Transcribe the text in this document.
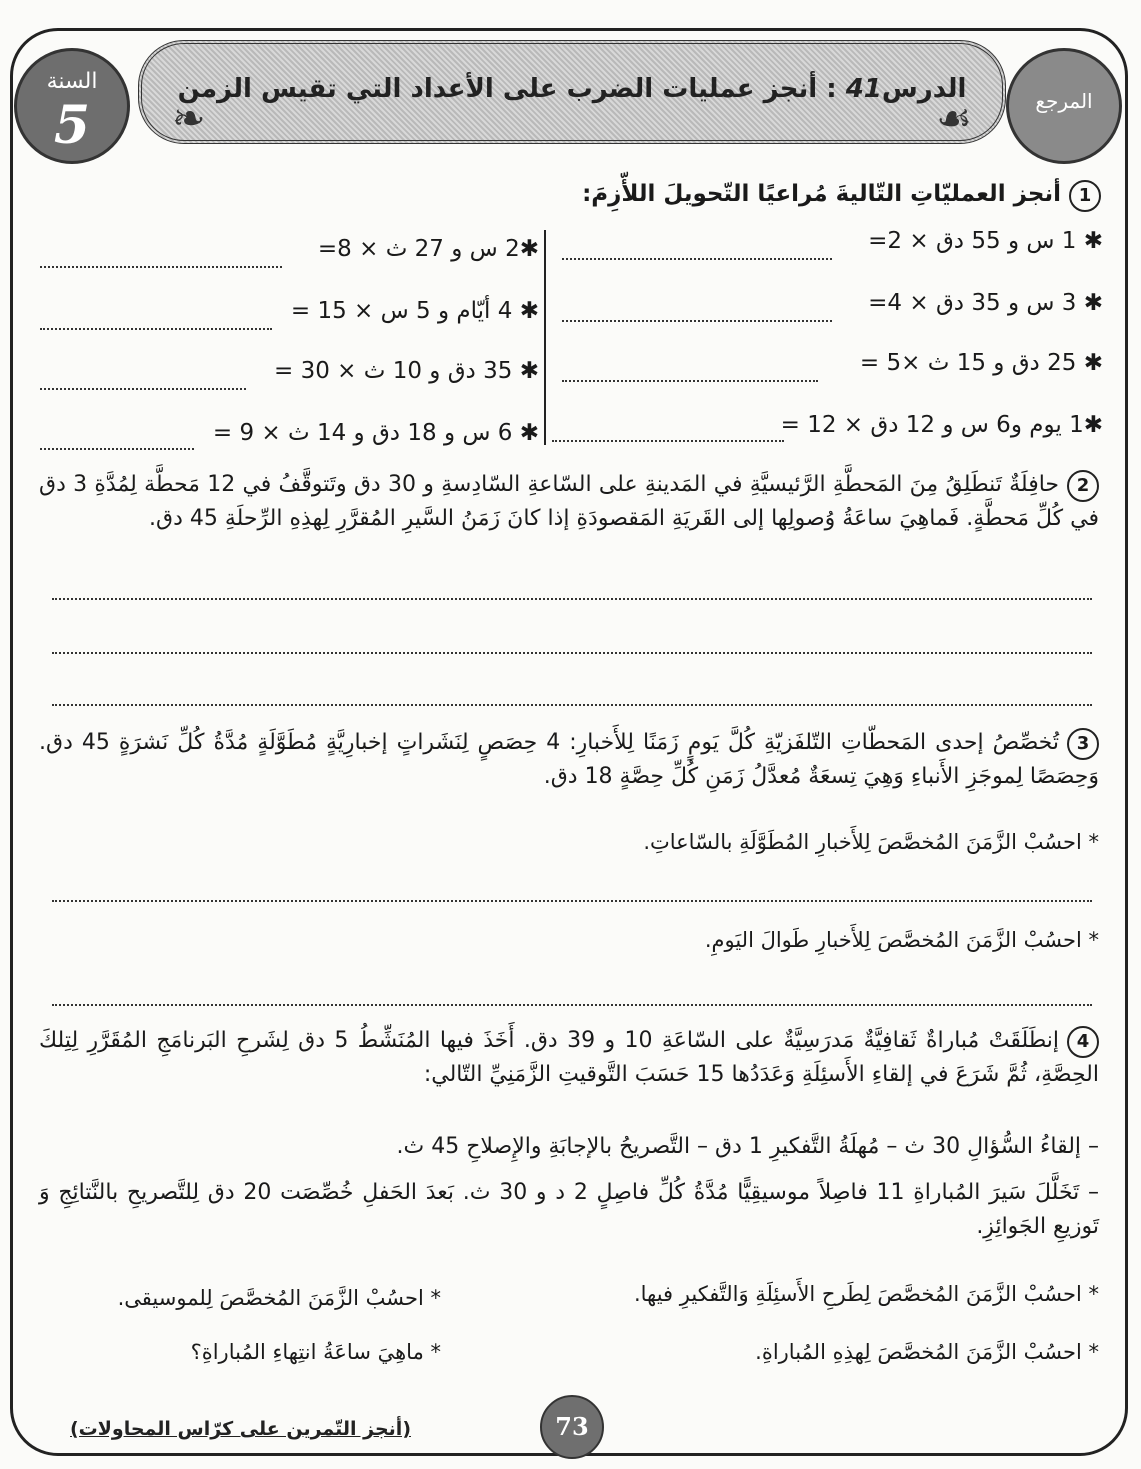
السنة
5	المرجع
الدرس41 : أنجز عمليات الضرب على الأعداد التي تقيس الزمن
❧	☙
1أنجز العمليّاتِ التّاليةَ مُراعيًا التّحويلَ اللأّزِمَ:
✱ 1 س و 55 دق × 2=
✱ 3 س و 35 دق × 4=
✱ 25 دق و 15 ث ×5 =
✱1 يوم و6 س و 12 دق × 12 =
✱2 س و 27 ث × 8=
✱ 4 أيّام و 5 س × 15 =
✱ 35 دق و 10 ث × 30 =
✱ 6 س و 18 دق و 14 ث × 9 =
2حافِلَةٌ تَنطَلِقُ مِنَ المَحطَّةِ الرَّئيسيَّةِ في المَدينةِ على السّاعةِ السّادِسةِ و 30 دق وتَتوقَّفُ في 12 مَحطَّة لِمُدَّةِ 3 دق في كُلِّ مَحطَّةٍ. فَماهِيَ ساعَةُ وُصولِها إلى القَريَةِ المَقصودَةِ إذا كانَ زَمَنُ السَّيرِ المُقرَّرِ لِهذِهِ الرِّحلَةِ 45 دق.
3تُخصِّصُ إحدى المَحطّاتِ التّلفَزيّةِ كُلَّ يَومٍ زَمَنًا لِلأَخبارِ: 4 حِصَصٍ لِنَشَراتٍ إخبارِيَّةٍ مُطَوَّلَةٍ مُدَّةُ كُلِّ نَشرَةٍ 45 دق. وَحِصَصًا لِموجَزِ الأَنباءِ وَهِيَ تِسعَةٌ مُعدَّلُ زَمَنِ كُلِّ حِصَّةٍ 18 دق.
* احسُبْ الزَّمَنَ المُخصَّصَ لِلأَخبارِ المُطَوَّلَةِ بالسّاعاتِ.
* احسُبْ الزَّمَنَ المُخصَّصَ لِلأَخبارِ طَوالَ اليَومِ.
4إنطَلَقَتْ مُباراةٌ ثَقافِيَّةٌ مَدرَسِيَّةٌ على السّاعَةِ 10 و 39 دق. أَخَذَ فيها المُنَشِّطُ 5 دق لِشَرحِ البَرنامَجِ المُقَرَّرِ لِتِلكَ الحِصَّةِ، ثُمَّ شَرَعَ في إلقاءِ الأَسئِلَةِ وَعَدَدُها 15 حَسَبَ التَّوقيتِ الزَّمَنِيِّ التّالي:
– إلقاءُ السُّؤالِ 30 ث – مُهلَةُ التَّفكيرِ 1 دق – التَّصريحُ بالإجابَةِ والإِصلاحِ 45 ث.
– تَخَلَّلَ سَيرَ المُباراةِ 11 فاصِلاً موسيقِيًّا مُدَّةُ كُلِّ فاصِلٍ 2 د و 30 ث. بَعدَ الحَفلِ خُصِّصَت 20 دق لِلتَّصريحِ بالنَّتائِجِ وَ تَوزيعِ الجَوائِزِ.
* احسُبْ الزَّمَنَ المُخصَّصَ لِطَرحِ الأَسئِلَةِ وَالتَّفكيرِ فيها.
* احسُبْ الزَّمَنَ المُخصَّصَ لِهذِهِ المُباراةِ.
* احسُبْ الزَّمَنَ المُخصَّصَ لِلموسيقى.
* ماهِيَ ساعَةُ انتِهاءِ المُباراةِ؟
(أنجز التّمرين على كرّاس المحاولات)	73
